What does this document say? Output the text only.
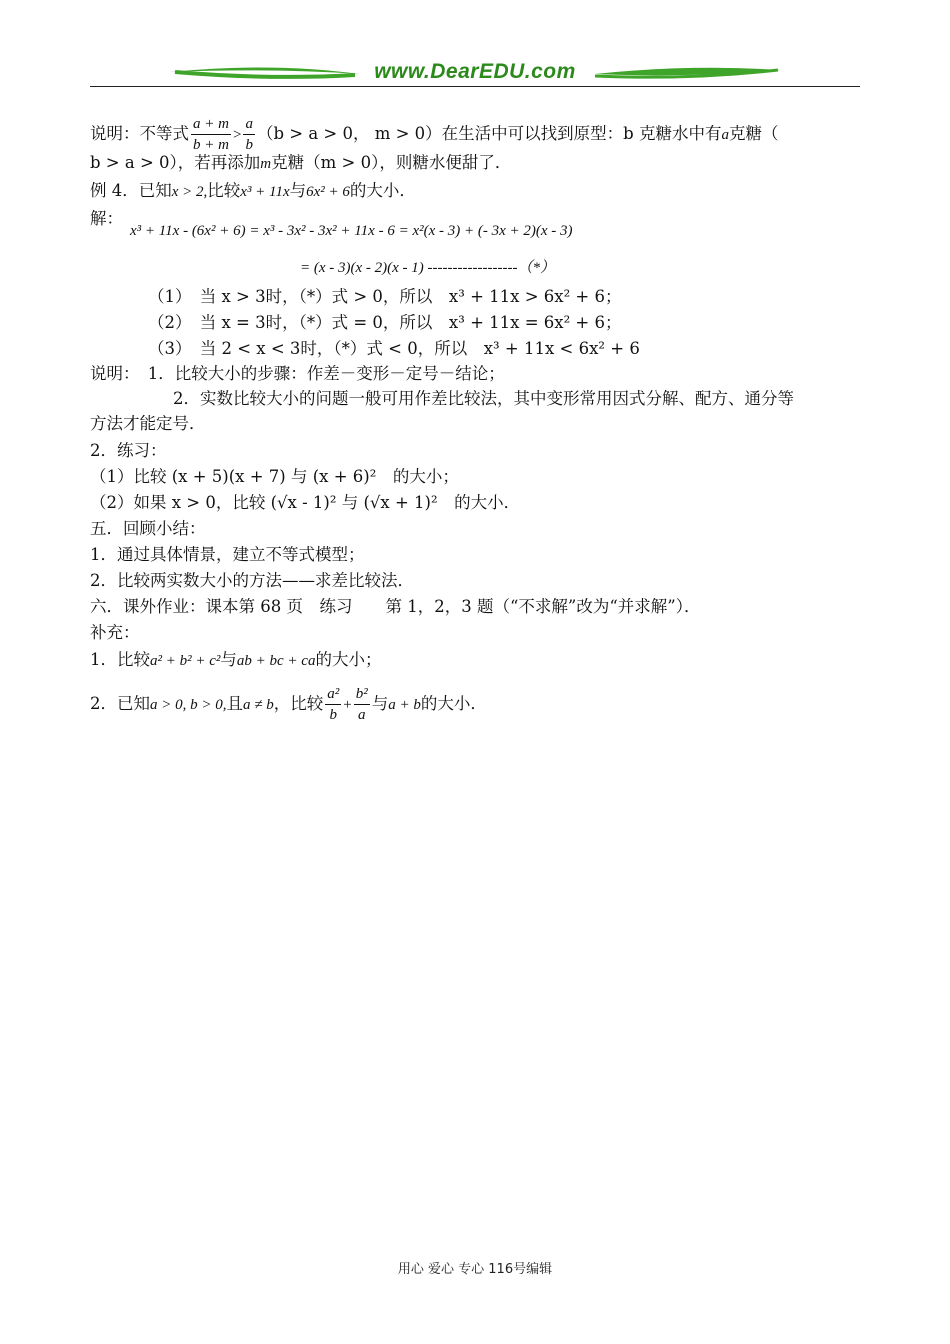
www.DearEDU.com
说明：不等式 $\frac{a + m}{b + m} > \frac{a}{b} (b > a > 0$， m > 0）在生活中可以找到原型：b 克糖水中有a克糖（
b > a > 0），若再添加m克糖（m > 0），则糖水便甜了．
例 4．已知x > 2,比较x³ + 11x与6x² + 6的大小．
解：
x³ + 11x - (6x² + 6) = x³ - 3x² - 3x² + 11x - 6 = x²(x - 3) + (- 3x + 2)(x - 3)
= (x - 3)(x - 2)(x - 1) ------------------（*）
（1）　当 x > 3时，（*）式 > 0，所以　x³ + 11x > 6x² + 6；
（2）　当 x = 3时，（*）式 = 0，所以　x³ + 11x = 6x² + 6；
（3）　当 2 < x < 3时，（*）式 < 0，所以　x³ + 11x < 6x² + 6
说明：　1．比较大小的步骤：作差－变形－定号－结论；
2．实数比较大小的问题一般可用作差比较法，其中变形常用因式分解、配方、通分等
方法才能定号．
2．练习：
（1）比较 (x + 5)(x + 7) 与 (x + 6)²　的大小；
（2）如果 x > 0，比较 (√x - 1)² 与 (√x + 1)²　的大小．
五．回顾小结：
1．通过具体情景，建立不等式模型；
2．比较两实数大小的方法——求差比较法．
六．课外作业：课本第 68 页　练习　　第 1，2，3 题（“不求解”改为“并求解”）．
补充：
1．比较a² + b² + c²与ab + bc + ca的大小；
2．已知a > 0, b > 0,且a ≠ b，比较 $\frac{\text{a²}}{b} + \frac{\text{b²}}{a}$ 与a + b的大小．
用心 爱心 专心 116号编辑
